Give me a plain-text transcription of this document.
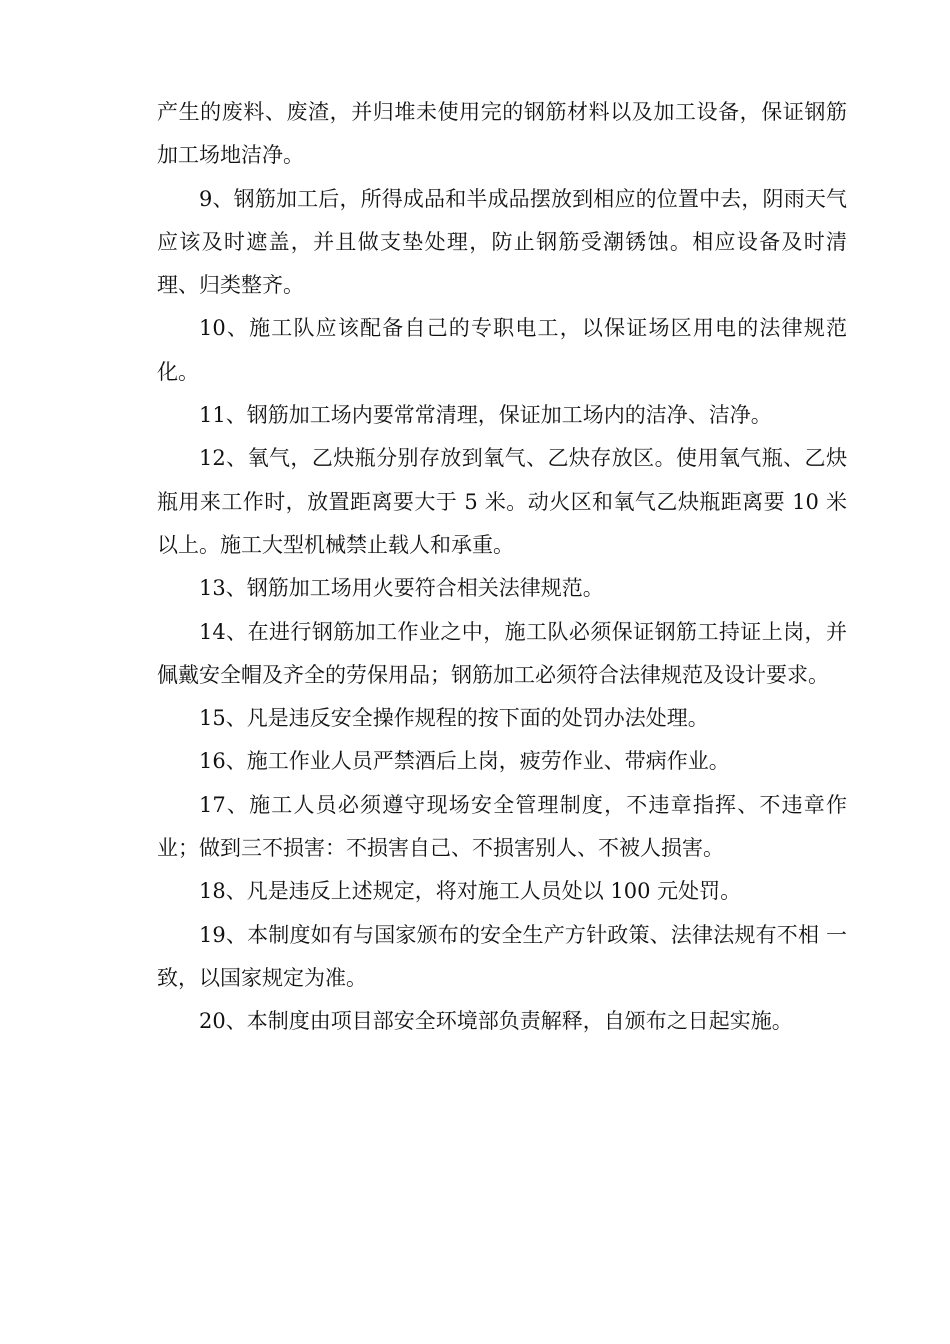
产生的废料、废渣，并归堆未使用完的钢筋材料以及加工设备，保证钢筋加工场地洁净。

9、钢筋加工后，所得成品和半成品摆放到相应的位置中去，阴雨天气应该及时遮盖，并且做支垫处理，防止钢筋受潮锈蚀。相应设备及时清理、归类整齐。

10、施工队应该配备自己的专职电工，以保证场区用电的法律规范化。

11、钢筋加工场内要常常清理，保证加工场内的洁净、洁净。

12、氧气，乙炔瓶分别存放到氧气、乙炔存放区。使用氧气瓶、乙炔瓶用来工作时，放置距离要大于 5 米。动火区和氧气乙炔瓶距离要 10 米以上。施工大型机械禁止载人和承重。

13、钢筋加工场用火要符合相关法律规范。

14、在进行钢筋加工作业之中，施工队必须保证钢筋工持证上岗，并佩戴安全帽及齐全的劳保用品；钢筋加工必须符合法律规范及设计要求。

15、凡是违反安全操作规程的按下面的处罚办法处理。

16、施工作业人员严禁酒后上岗，疲劳作业、带病作业。

17、施工人员必须遵守现场安全管理制度，不违章指挥、不违章作业；做到三不损害：不损害自己、不损害别人、不被人损害。

18、凡是违反上述规定，将对施工人员处以 100 元处罚。

19、本制度如有与国家颁布的安全生产方针政策、法律法规有不相 一致，以国家规定为准。

20、本制度由项目部安全环境部负责解释，自颁布之日起实施。
